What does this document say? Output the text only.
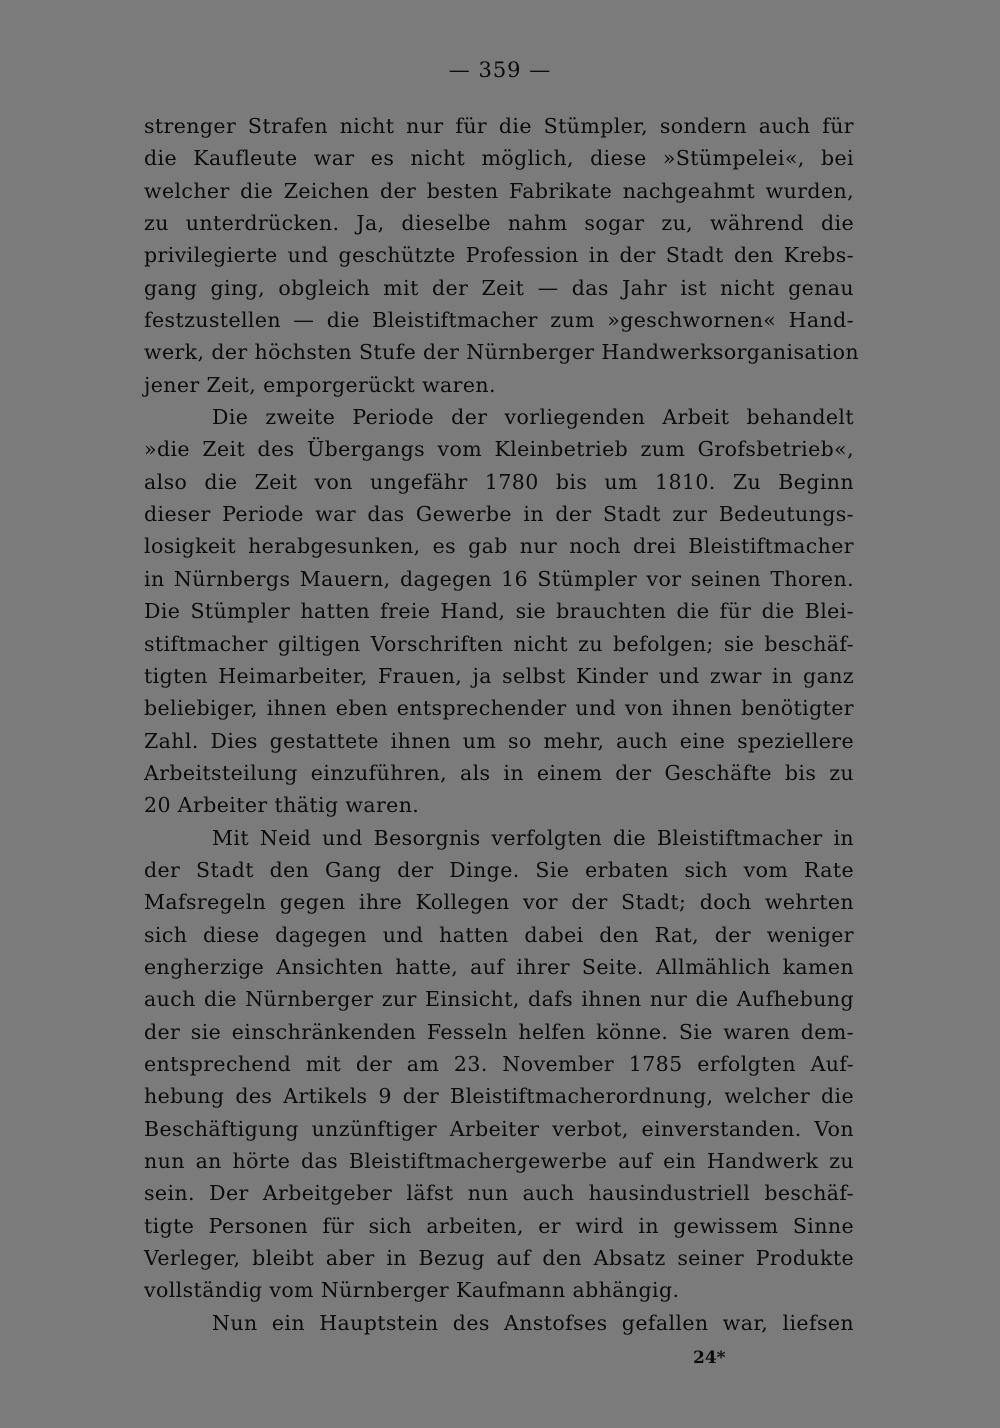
— 359 —
strenger Strafen nicht nur für die Stümpler, sondern auch für
die Kaufleute war es nicht möglich, diese »Stümpelei«, bei
welcher die Zeichen der besten Fabrikate nachgeahmt wurden,
zu unterdrücken. Ja, dieselbe nahm sogar zu, während die
privilegierte und geschützte Profession in der Stadt den Krebs-
gang ging, obgleich mit der Zeit — das Jahr ist nicht genau
festzustellen — die Bleistiftmacher zum »geschwornen« Hand-
werk, der höchsten Stufe der Nürnberger Handwerksorganisation
jener Zeit, emporgerückt waren.
Die zweite Periode der vorliegenden Arbeit behandelt
»die Zeit des Übergangs vom Kleinbetrieb zum Grofsbetrieb«,
also die Zeit von ungefähr 1780 bis um 1810. Zu Beginn
dieser Periode war das Gewerbe in der Stadt zur Bedeutungs-
losigkeit herabgesunken, es gab nur noch drei Bleistiftmacher
in Nürnbergs Mauern, dagegen 16 Stümpler vor seinen Thoren.
Die Stümpler hatten freie Hand, sie brauchten die für die Blei-
stiftmacher giltigen Vorschriften nicht zu befolgen; sie beschäf-
tigten Heimarbeiter, Frauen, ja selbst Kinder und zwar in ganz
beliebiger, ihnen eben entsprechender und von ihnen benötigter
Zahl. Dies gestattete ihnen um so mehr, auch eine speziellere
Arbeitsteilung einzuführen, als in einem der Geschäfte bis zu
20 Arbeiter thätig waren.
Mit Neid und Besorgnis verfolgten die Bleistiftmacher in
der Stadt den Gang der Dinge. Sie erbaten sich vom Rate
Mafsregeln gegen ihre Kollegen vor der Stadt; doch wehrten
sich diese dagegen und hatten dabei den Rat, der weniger
engherzige Ansichten hatte, auf ihrer Seite. Allmählich kamen
auch die Nürnberger zur Einsicht, dafs ihnen nur die Aufhebung
der sie einschränkenden Fesseln helfen könne. Sie waren dem-
entsprechend mit der am 23. November 1785 erfolgten Auf-
hebung des Artikels 9 der Bleistiftmacherordnung, welcher die
Beschäftigung unzünftiger Arbeiter verbot, einverstanden. Von
nun an hörte das Bleistiftmachergewerbe auf ein Handwerk zu
sein. Der Arbeitgeber läfst nun auch hausindustriell beschäf-
tigte Personen für sich arbeiten, er wird in gewissem Sinne
Verleger, bleibt aber in Bezug auf den Absatz seiner Produkte
vollständig vom Nürnberger Kaufmann abhängig.
Nun ein Hauptstein des Anstofses gefallen war, liefsen
24*
